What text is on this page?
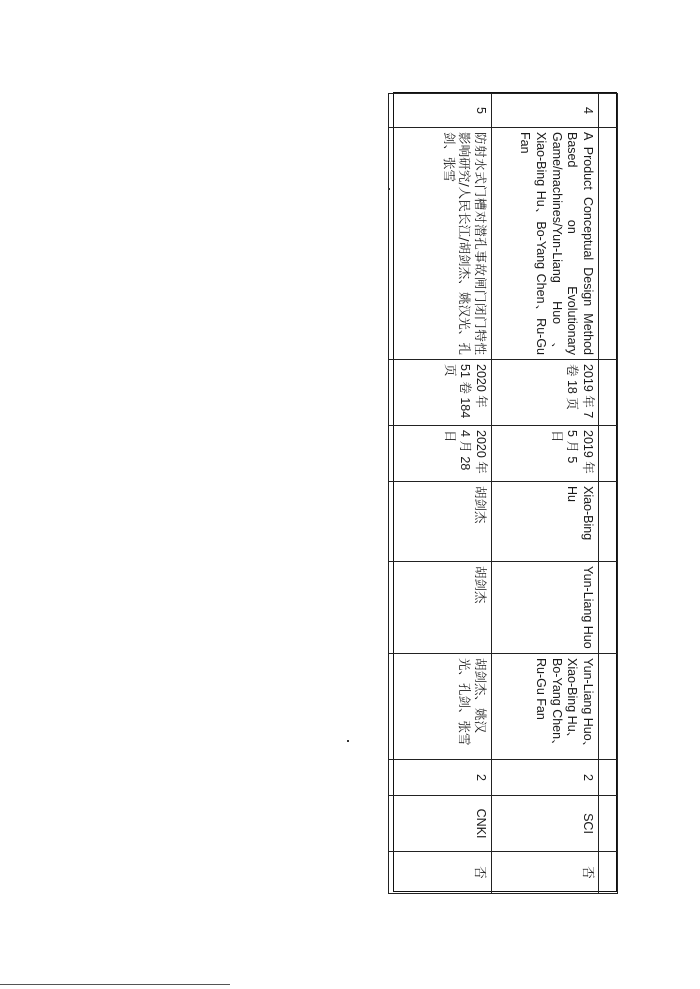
4	A Product Conceptual Design Method Based on Evolutionary Game/machines/Yun-Liang Huo 、 Xiao-Bing Hu、Bo-Yang Chen、Ru-Gu Fan	2019 年 7 卷 18 页	2019 年 5 月 5 日	Xiao-Bing Hu	Yun-Liang Huo	Yun-Liang Huo、Xiao-Bing Hu、Bo-Yang Chen、Ru-Gu Fan	2	SCI	否
5	防射水式门槽对潜孔事故闸门闭门特性影响研究/人民长江/胡剑杰、姚汉光、孔剑、张雪	2020 年 51 卷 184 页	2020 年 4 月 28 日	胡剑杰	胡剑杰	胡剑杰、姚汉光、孔剑、张雪	2	CNKI	否
